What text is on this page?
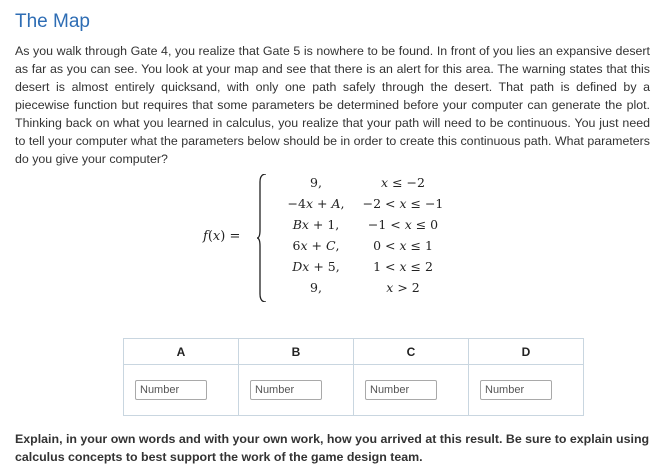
The Map

As you walk through Gate 4, you realize that Gate 5 is nowhere to be found. In front of you lies an expansive desert as far as you can see. You look at your map and see that there is an alert for this area. The warning states that this desert is almost entirely quicksand, with only one path safely through the desert. That path is defined by a piecewise function but requires that some parameters be determined before your computer can generate the plot. Thinking back on what you learned in calculus, you realize that your path will need to be continuous. You just need to tell your computer what the parameters below should be in order to create this continuous path. What parameters do you give your computer?

f(x) =
9,	x ≤ −2
−4x + A,	−2 < x ≤ −1
Bx + 1,	−1 < x ≤ 0
6x + C,	0 < x ≤ 1
Dx + 5,	1 < x ≤ 2
9,	x > 2
A	B	C	D
Number	Number	Number	Number

Explain, in your own words and with your own work, how you arrived at this result. Be sure to explain using calculus concepts to best support the work of the game design team.
